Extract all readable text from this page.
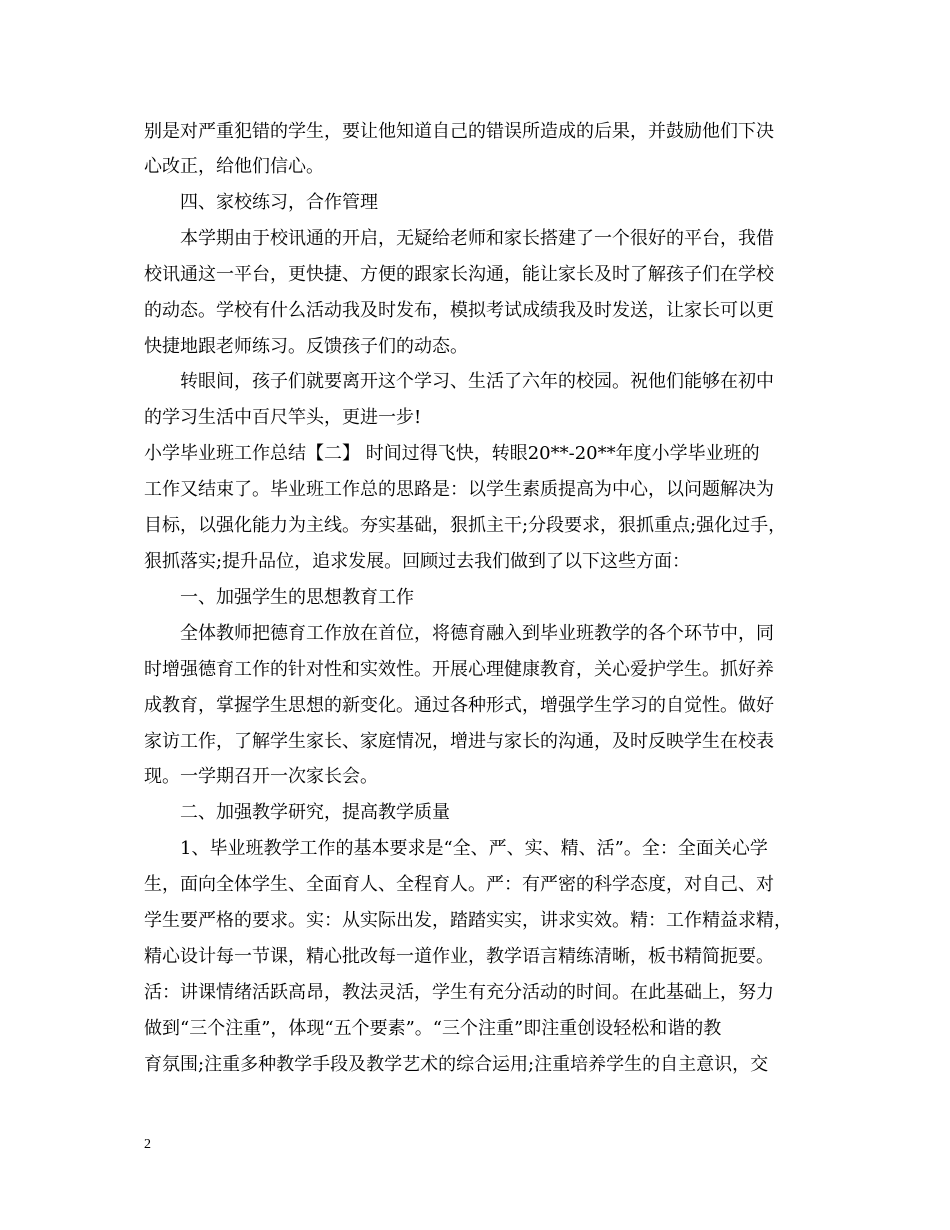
别是对严重犯错的学生，要让他知道自己的错误所造成的后果，并鼓励他们下决
心改正，给他们信心。
四、家校练习，合作管理
本学期由于校讯通的开启，无疑给老师和家长搭建了一个很好的平台，我借
校讯通这一平台，更快捷、方便的跟家长沟通，能让家长及时了解孩子们在学校
的动态。学校有什么活动我及时发布，模拟考试成绩我及时发送，让家长可以更
快捷地跟老师练习。反馈孩子们的动态。
转眼间，孩子们就要离开这个学习、生活了六年的校园。祝他们能够在初中
的学习生活中百尺竿头，更进一步!
小学毕业班工作总结【二】 时间过得飞快，转眼20**-20**年度小学毕业班的
工作又结束了。毕业班工作总的思路是：以学生素质提高为中心，以问题解决为
目标，以强化能力为主线。夯实基础，狠抓主干;分段要求，狠抓重点;强化过手，
狠抓落实;提升品位，追求发展。回顾过去我们做到了以下这些方面：
一、加强学生的思想教育工作
全体教师把德育工作放在首位，将德育融入到毕业班教学的各个环节中，同
时增强德育工作的针对性和实效性。开展心理健康教育，关心爱护学生。抓好养
成教育，掌握学生思想的新变化。通过各种形式，增强学生学习的自觉性。做好
家访工作，了解学生家长、家庭情况，增进与家长的沟通，及时反映学生在校表
现。一学期召开一次家长会。
二、加强教学研究，提高教学质量
1、毕业班教学工作的基本要求是“全、严、实、精、活”。全：全面关心学
生，面向全体学生、全面育人、全程育人。严：有严密的科学态度，对自己、对
学生要严格的要求。实：从实际出发，踏踏实实，讲求实效。精：工作精益求精，
精心设计每一节课，精心批改每一道作业，教学语言精练清晰，板书精简扼要。
活：讲课情绪活跃高昂，教法灵活，学生有充分活动的时间。在此基础上，努力
做到“三个注重”，体现“五个要素”。“三个注重”即注重创设轻松和谐的教
育氛围;注重多种教学手段及教学艺术的综合运用;注重培养学生的自主意识，交
2
